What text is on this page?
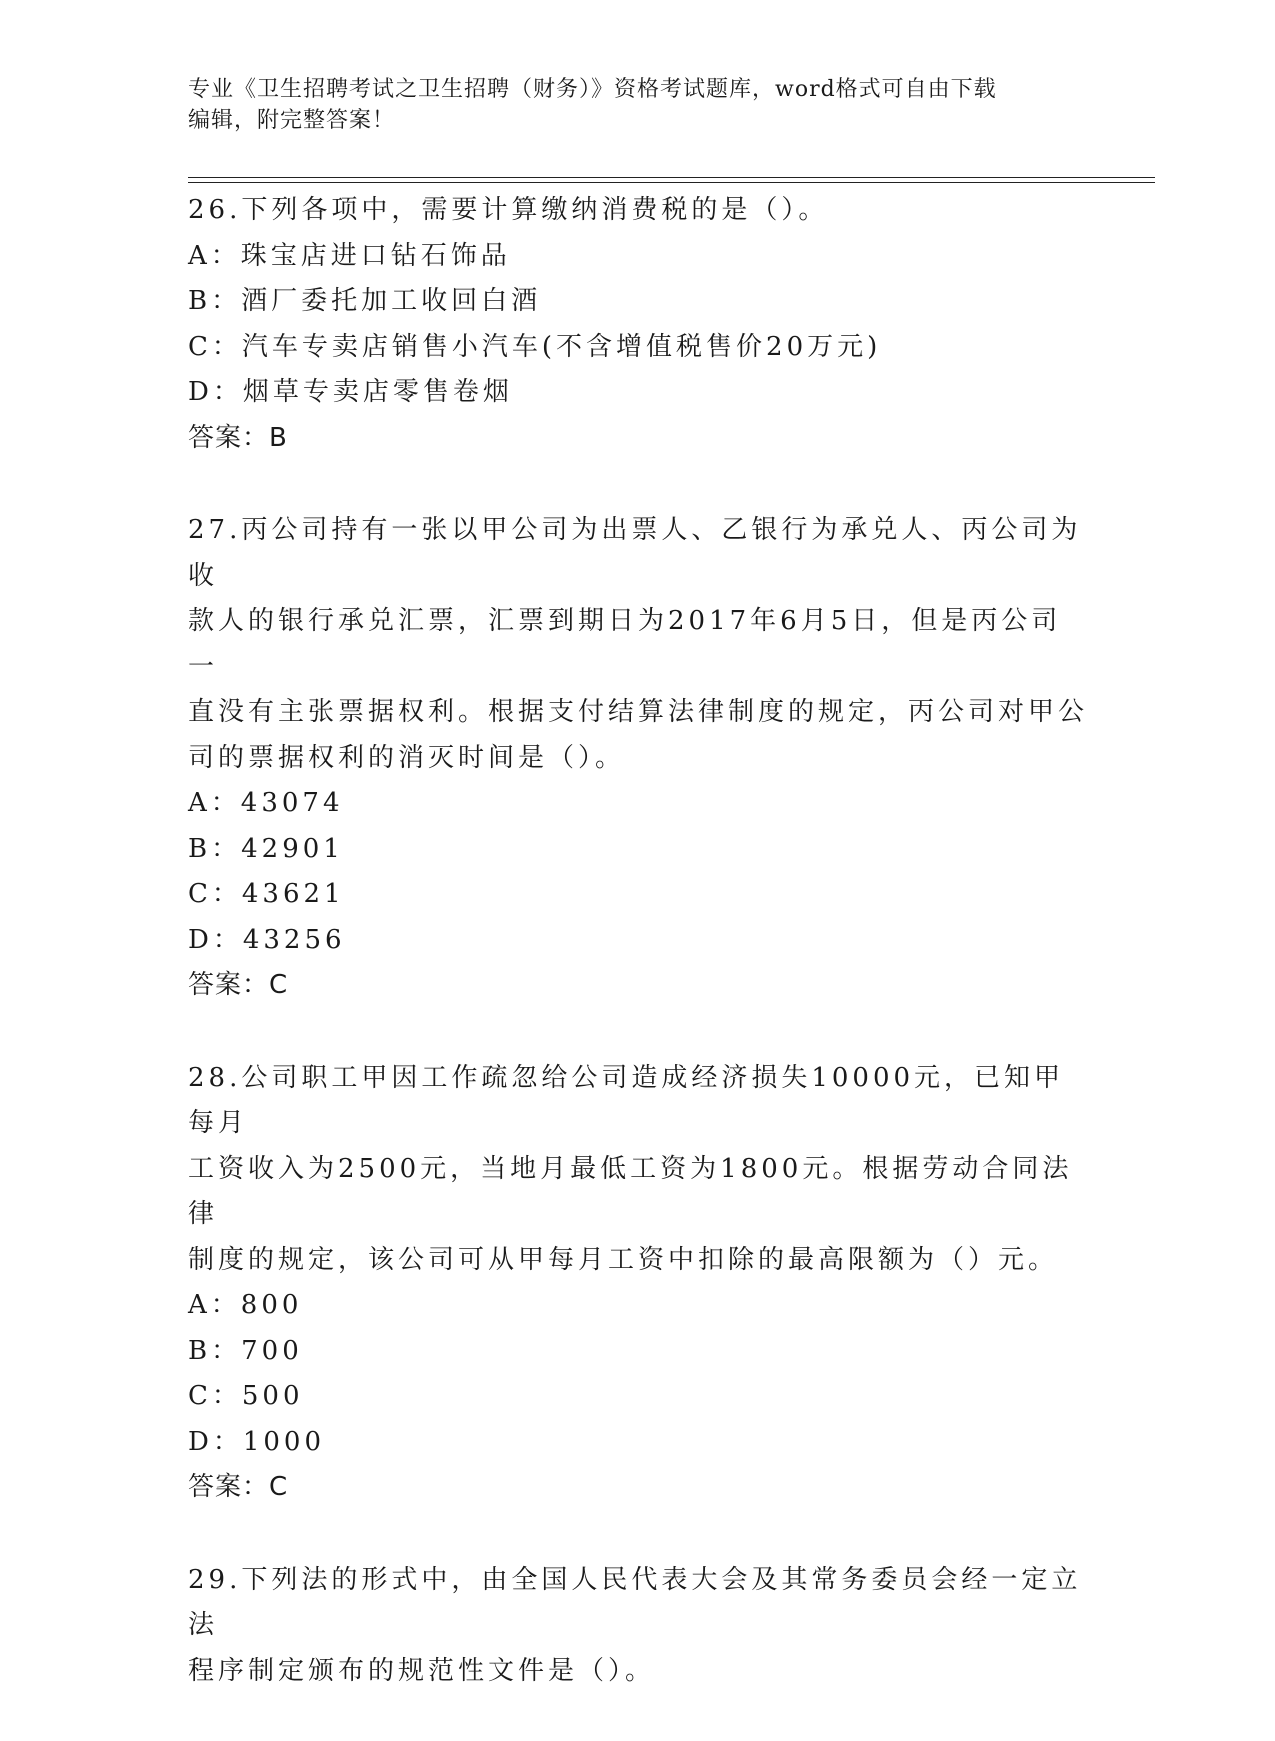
专业《卫生招聘考试之卫生招聘（财务）》资格考试题库，word格式可自由下载
编辑，附完整答案！
26.下列各项中，需要计算缴纳消费税的是（）。
A：珠宝店进口钻石饰品
B：酒厂委托加工收回白酒
C：汽车专卖店销售小汽车(不含增值税售价20万元)
D：烟草专卖店零售卷烟
答案：B
27.丙公司持有一张以甲公司为出票人、乙银行为承兑人、丙公司为收
款人的银行承兑汇票，汇票到期日为2017年6月5日，但是丙公司一
直没有主张票据权利。根据支付结算法律制度的规定，丙公司对甲公
司的票据权利的消灭时间是（）。
A：43074
B：42901
C：43621
D：43256
答案：C
28.公司职工甲因工作疏忽给公司造成经济损失10000元，已知甲每月
工资收入为2500元，当地月最低工资为1800元。根据劳动合同法律
制度的规定，该公司可从甲每月工资中扣除的最高限额为（）元。
A：800
B：700
C：500
D：1000
答案：C
29.下列法的形式中，由全国人民代表大会及其常务委员会经一定立法
程序制定颁布的规范性文件是（）。
